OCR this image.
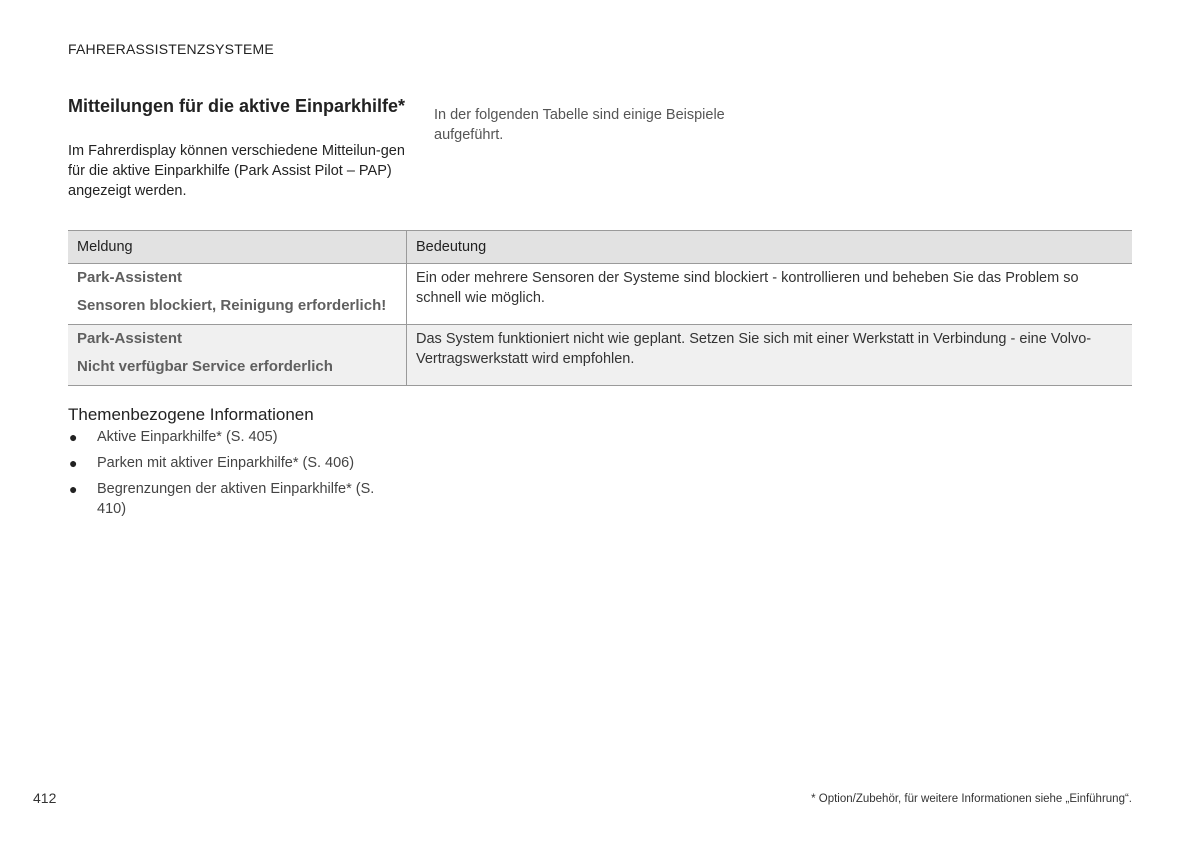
FAHRERASSISTENZSYSTEME
Mitteilungen für die aktive Einparkhilfe*
Im Fahrerdisplay können verschiedene Mitteilun-gen für die aktive Einparkhilfe (Park Assist Pilot – PAP) angezeigt werden.
In der folgenden Tabelle sind einige Beispiele aufgeführt.
Meldung	Bedeutung

Park-Assistent
Sensoren blockiert, Reinigung erforderlich!	Ein oder mehrere Sensoren der Systeme sind blockiert - kontrollieren und beheben Sie das Problem so schnell wie möglich.

Park-Assistent
Nicht verfügbar Service erforderlich	Das System funktioniert nicht wie geplant. Setzen Sie sich mit einer Werkstatt in Verbindung - eine Volvo-Vertragswerkstatt wird empfohlen.
Themenbezogene Informationen
● Aktive Einparkhilfe* (S. 405)
● Parken mit aktiver Einparkhilfe* (S. 406)
● Begrenzungen der aktiven Einparkhilfe* (S. 410)
412	* Option/Zubehör, für weitere Informationen siehe „Einführung“.
